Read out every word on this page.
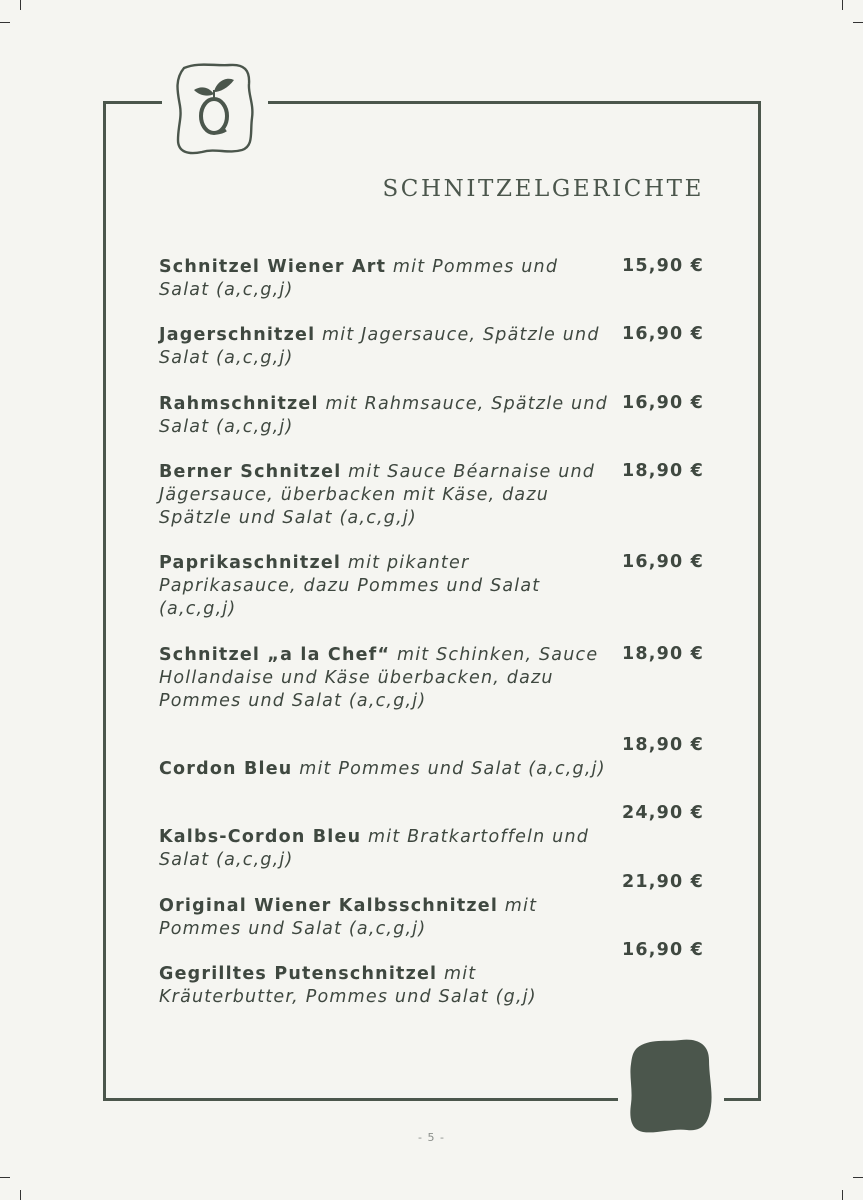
SCHNITZELGERICHTE
Schnitzel Wiener Art mit Pommes und Salat (a,c,g,j)
15,90 €
Jagerschnitzel mit Jagersauce, Spätzle und Salat (a,c,g,j)
16,90 €
Rahmschnitzel mit Rahmsauce, Spätzle und Salat (a,c,g,j)
16,90 €
Berner Schnitzel mit Sauce Béarnaise und Jägersauce, überbacken mit Käse, dazu Spätzle und Salat (a,c,g,j)
18,90 €
Paprikaschnitzel mit pikanter Paprikasauce, dazu Pommes und Salat (a,c,g,j)
16,90 €
Schnitzel „a la Chef“ mit Schinken, Sauce Hollandaise und Käse überbacken, dazu Pommes und Salat (a,c,g,j)
18,90 €
Cordon Bleu mit Pommes und Salat (a,c,g,j)
18,90 €
Kalbs-Cordon Bleu mit Bratkartoffeln und Salat (a,c,g,j)
24,90 €
Original Wiener Kalbsschnitzel mit Pommes und Salat (a,c,g,j)
21,90 €
Gegrilltes Putenschnitzel mit Kräuterbutter, Pommes und Salat (g,j)
16,90 €
- 5 -
